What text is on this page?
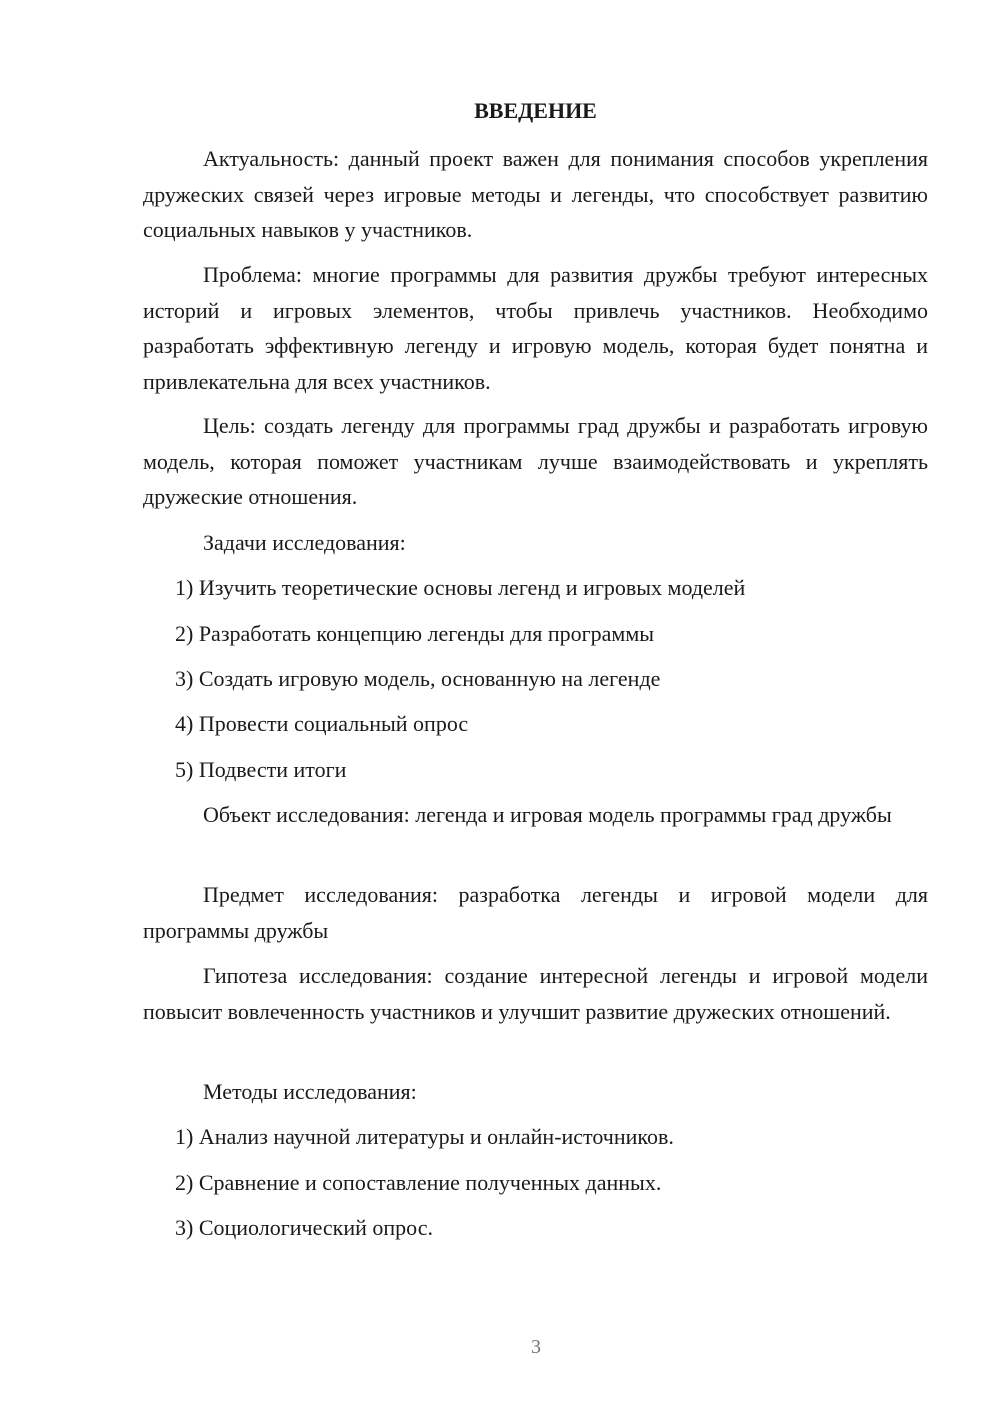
ВВЕДЕНИЕ

Актуальность: данный проект важен для понимания способов укрепления дружеских связей через игровые методы и легенды, что способствует развитию социальных навыков у участников.

Проблема: многие программы для развития дружбы требуют интересных историй и игровых элементов, чтобы привлечь участников. Необходимо разработать эффективную легенду и игровую модель, которая будет понятна и привлекательна для всех участников.

Цель: создать легенду для программы град дружбы и разработать игровую модель, которая поможет участникам лучше взаимодействовать и укреплять дружеские отношения.

Задачи исследования:

1) Изучить теоретические основы легенд и игровых моделей

2) Разработать концепцию легенды для программы

3) Создать игровую модель, основанную на легенде

4) Провести социальный опрос

5) Подвести итоги

Объект исследования: легенда и игровая модель программы град дружбы

Предмет исследования: разработка легенды и игровой модели для программы дружбы

Гипотеза исследования: создание интересной легенды и игровой модели повысит вовлеченность участников и улучшит развитие дружеских отношений.

Методы исследования:

1) Анализ научной литературы и онлайн-источников.

2) Сравнение и сопоставление полученных данных.

3) Социологический опрос.

3
